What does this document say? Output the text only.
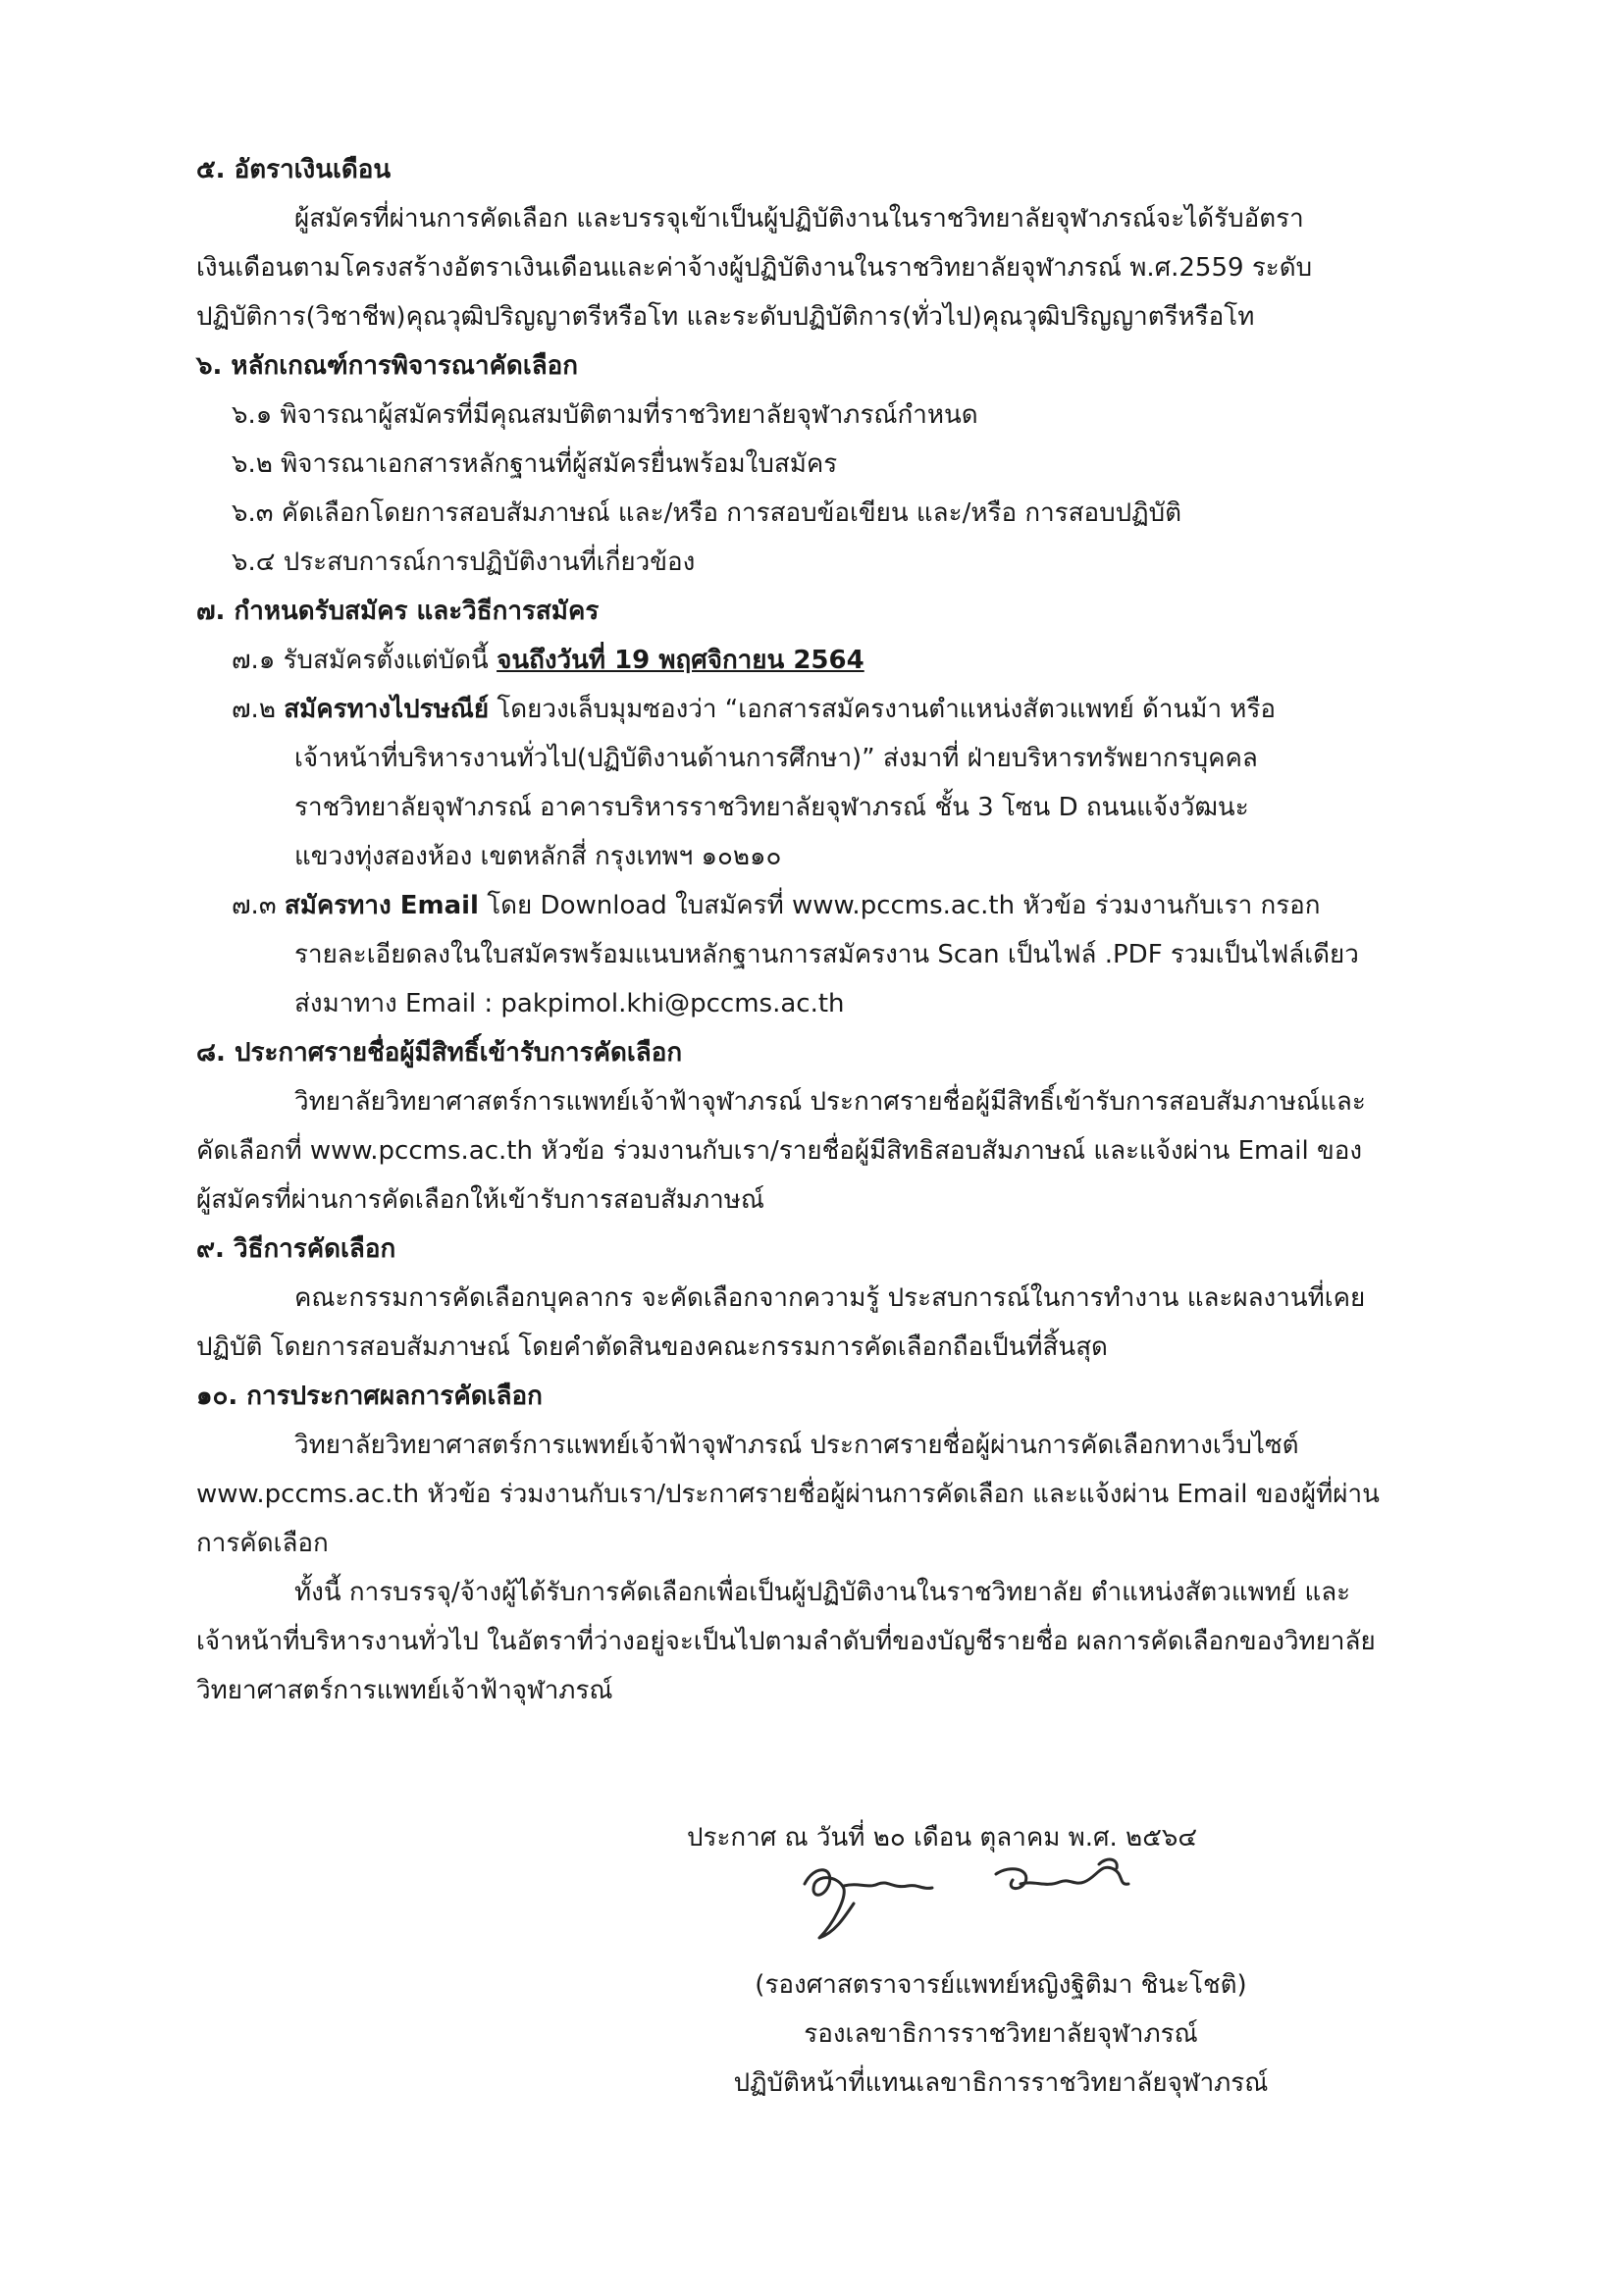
๕. อัตราเงินเดือน
ผู้สมัครที่ผ่านการคัดเลือก และบรรจุเข้าเป็นผู้ปฏิบัติงานในราชวิทยาลัยจุฬาภรณ์จะได้รับอัตรา
เงินเดือนตามโครงสร้างอัตราเงินเดือนและค่าจ้างผู้ปฏิบัติงานในราชวิทยาลัยจุฬาภรณ์ พ.ศ.2559 ระดับ
ปฏิบัติการ(วิชาชีพ)คุณวุฒิปริญญาตรีหรือโท และระดับปฏิบัติการ(ทั่วไป)คุณวุฒิปริญญาตรีหรือโท
๖. หลักเกณฑ์การพิจารณาคัดเลือก
๖.๑ พิจารณาผู้สมัครที่มีคุณสมบัติตามที่ราชวิทยาลัยจุฬาภรณ์กำหนด
๖.๒ พิจารณาเอกสารหลักฐานที่ผู้สมัครยื่นพร้อมใบสมัคร
๖.๓ คัดเลือกโดยการสอบสัมภาษณ์ และ/หรือ การสอบข้อเขียน และ/หรือ การสอบปฏิบัติ
๖.๔ ประสบการณ์การปฏิบัติงานที่เกี่ยวข้อง
๗. กำหนดรับสมัคร และวิธีการสมัคร
๗.๑ รับสมัครตั้งแต่บัดนี้ จนถึงวันที่ 19 พฤศจิกายน 2564
๗.๒ สมัครทางไปรษณีย์ โดยวงเล็บมุมซองว่า “เอกสารสมัครงานตำแหน่งสัตวแพทย์ ด้านม้า หรือ
เจ้าหน้าที่บริหารงานทั่วไป(ปฏิบัติงานด้านการศึกษา)” ส่งมาที่ ฝ่ายบริหารทรัพยากรบุคคล
ราชวิทยาลัยจุฬาภรณ์ อาคารบริหารราชวิทยาลัยจุฬาภรณ์ ชั้น 3 โซน D ถนนแจ้งวัฒนะ
แขวงทุ่งสองห้อง เขตหลักสี่ กรุงเทพฯ ๑๐๒๑๐
๗.๓ สมัครทาง Email โดย Download ใบสมัครที่ www.pccms.ac.th หัวข้อ ร่วมงานกับเรา กรอก
รายละเอียดลงในใบสมัครพร้อมแนบหลักฐานการสมัครงาน Scan เป็นไฟล์ .PDF รวมเป็นไฟล์เดียว
ส่งมาทาง Email : pakpimol.khi@pccms.ac.th
๘. ประกาศรายชื่อผู้มีสิทธิ์เข้ารับการคัดเลือก
วิทยาลัยวิทยาศาสตร์การแพทย์เจ้าฟ้าจุฬาภรณ์ ประกาศรายชื่อผู้มีสิทธิ์เข้ารับการสอบสัมภาษณ์และ
คัดเลือกที่ www.pccms.ac.th หัวข้อ ร่วมงานกับเรา/รายชื่อผู้มีสิทธิสอบสัมภาษณ์ และแจ้งผ่าน Email ของ
ผู้สมัครที่ผ่านการคัดเลือกให้เข้ารับการสอบสัมภาษณ์
๙. วิธีการคัดเลือก
คณะกรรมการคัดเลือกบุคลากร จะคัดเลือกจากความรู้ ประสบการณ์ในการทำงาน และผลงานที่เคย
ปฏิบัติ โดยการสอบสัมภาษณ์ โดยคำตัดสินของคณะกรรมการคัดเลือกถือเป็นที่สิ้นสุด
๑๐. การประกาศผลการคัดเลือก
วิทยาลัยวิทยาศาสตร์การแพทย์เจ้าฟ้าจุฬาภรณ์ ประกาศรายชื่อผู้ผ่านการคัดเลือกทางเว็บไซต์
www.pccms.ac.th หัวข้อ ร่วมงานกับเรา/ประกาศรายชื่อผู้ผ่านการคัดเลือก และแจ้งผ่าน Email ของผู้ที่ผ่าน
การคัดเลือก
ทั้งนี้ การบรรจุ/จ้างผู้ได้รับการคัดเลือกเพื่อเป็นผู้ปฏิบัติงานในราชวิทยาลัย ตำแหน่งสัตวแพทย์ และ
เจ้าหน้าที่บริหารงานทั่วไป ในอัตราที่ว่างอยู่จะเป็นไปตามลำดับที่ของบัญชีรายชื่อ ผลการคัดเลือกของวิทยาลัย
วิทยาศาสตร์การแพทย์เจ้าฟ้าจุฬาภรณ์
ประกาศ ณ วันที่ ๒๐ เดือน ตุลาคม พ.ศ. ๒๕๖๔
(รองศาสตราจารย์แพทย์หญิงฐิติมา ชินะโชติ)
รองเลขาธิการราชวิทยาลัยจุฬาภรณ์
ปฏิบัติหน้าที่แทนเลขาธิการราชวิทยาลัยจุฬาภรณ์
